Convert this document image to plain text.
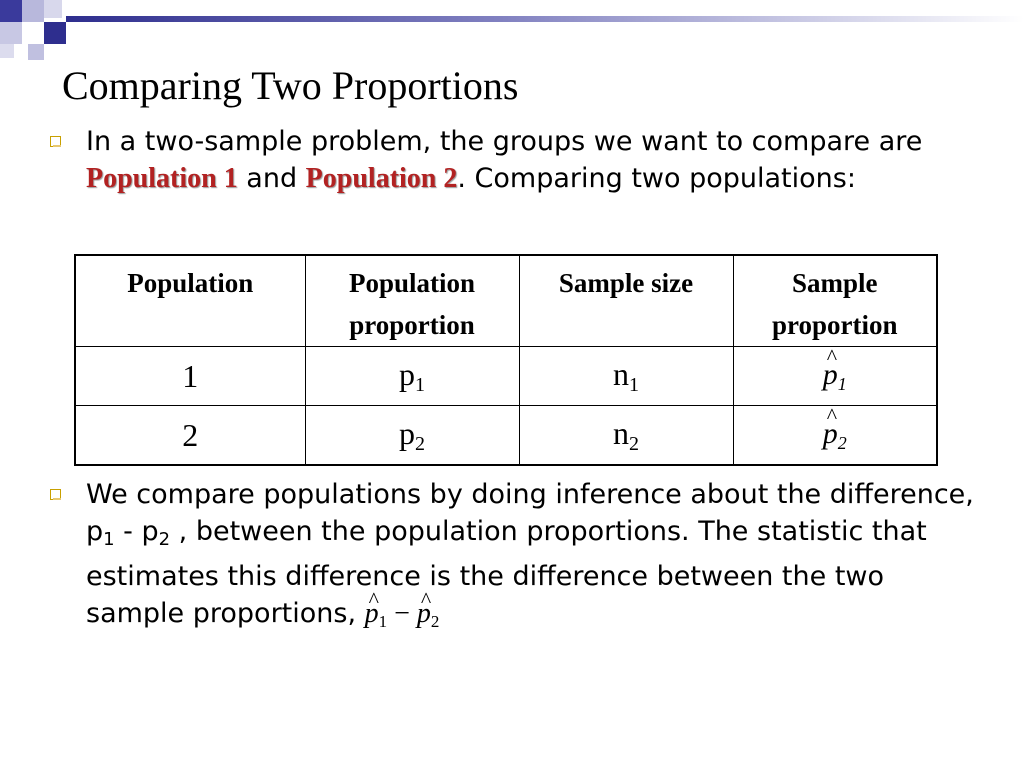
Comparing Two Proportions
In a two-sample problem, the groups we want to compare are Population 1 and Population 2. Comparing two populations:
Population	Population proportion	Sample size	Sample proportion
1	$p_1$	$n_1$	^ $p_1$
2	$p_2$	$n_2$	^ $p_2$
We compare populations by doing inference about the difference, $p_1 - p_2$ , between the population proportions. The statistic that estimates this difference is the difference between the two sample proportions, ^ $p_1$ − ^ $p_2$
